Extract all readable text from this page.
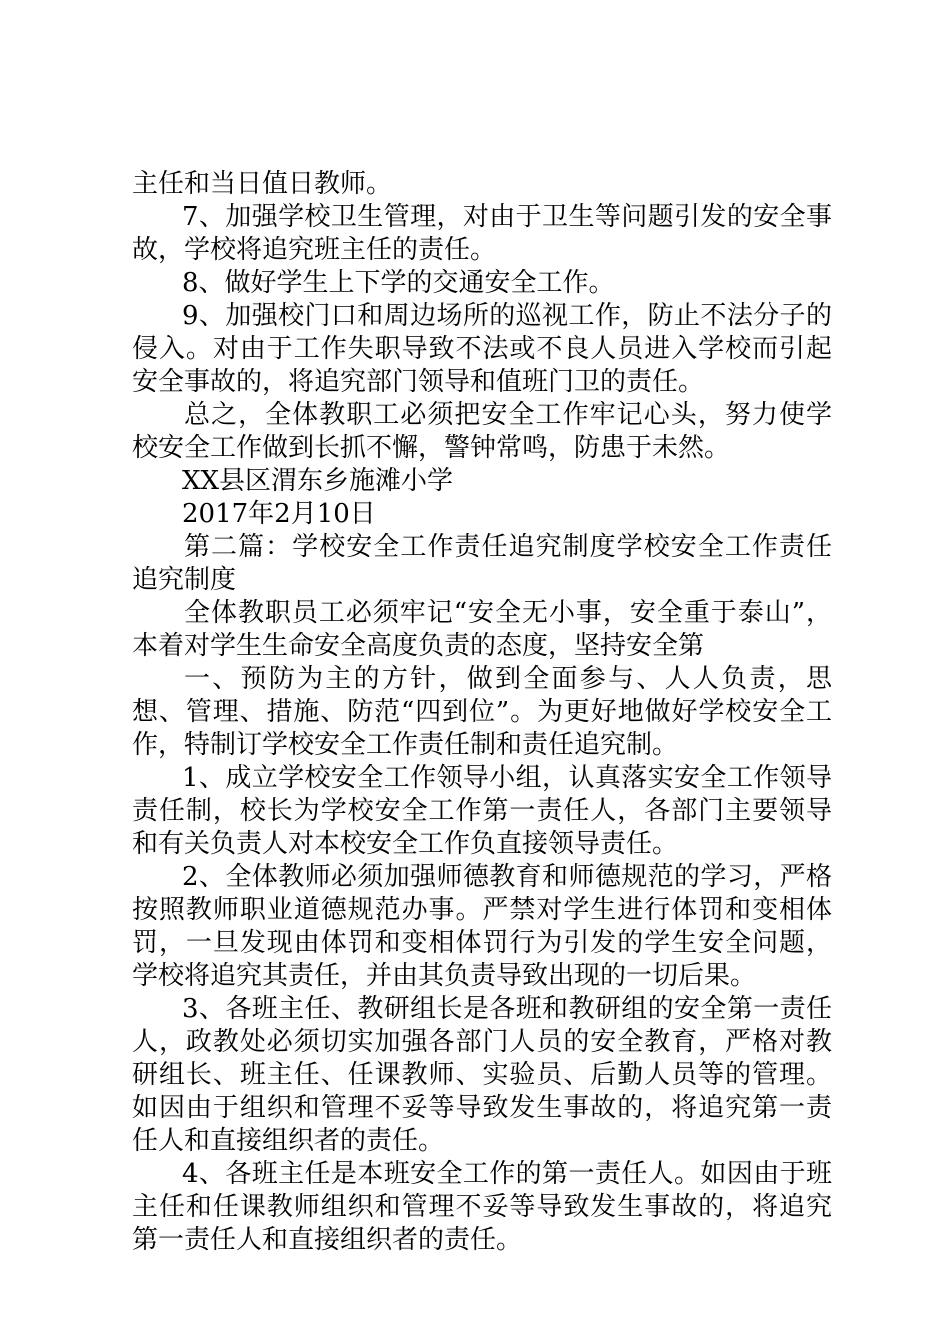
主任和当日值日教师。

7、加强学校卫生管理，对由于卫生等问题引发的安全事故，学校将追究班主任的责任。

8、做好学生上下学的交通安全工作。

9、加强校门口和周边场所的巡视工作，防止不法分子的侵入。对由于工作失职导致不法或不良人员进入学校而引起安全事故的，将追究部门领导和值班门卫的责任。

总之，全体教职工必须把安全工作牢记心头，努力使学校安全工作做到长抓不懈，警钟常鸣，防患于未然。

XX县区渭东乡施滩小学

2017年2月10日

第二篇：学校安全工作责任追究制度学校安全工作责任追究制度

全体教职员工必须牢记“安全无小事，安全重于泰山”，本着对学生生命安全高度负责的态度，坚持安全第

一、预防为主的方针，做到全面参与、人人负责，思想、管理、措施、防范“四到位”。为更好地做好学校安全工作，特制订学校安全工作责任制和责任追究制。

1、成立学校安全工作领导小组，认真落实安全工作领导责任制，校长为学校安全工作第一责任人，各部门主要领导和有关负责人对本校安全工作负直接领导责任。

2、全体教师必须加强师德教育和师德规范的学习，严格按照教师职业道德规范办事。严禁对学生进行体罚和变相体罚，一旦发现由体罚和变相体罚行为引发的学生安全问题，学校将追究其责任，并由其负责导致出现的一切后果。

3、各班主任、教研组长是各班和教研组的安全第一责任人，政教处必须切实加强各部门人员的安全教育，严格对教研组长、班主任、任课教师、实验员、后勤人员等的管理。如因由于组织和管理不妥等导致发生事故的，将追究第一责任人和直接组织者的责任。

4、各班主任是本班安全工作的第一责任人。如因由于班主任和任课教师组织和管理不妥等导致发生事故的，将追究第一责任人和直接组织者的责任。
